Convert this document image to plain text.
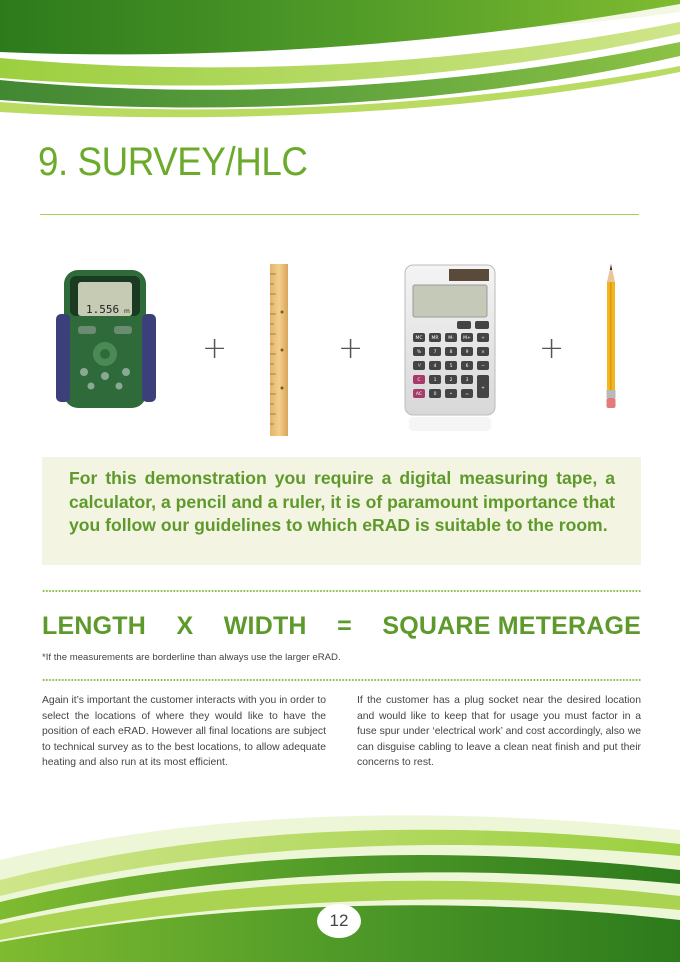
9. SURVEY/HLC
1.556 m
+	+	MC MR M- M+ ÷
%	7	8	9	×
⅟	4	5	6	−
C	1	2	3
+
AC	0	•	=
+

For this demonstration you require a digital measuring tape, a calculator, a pencil and a ruler, it is of paramount importance that you follow our guidelines to which eRAD is suitable to the room.

LENGTH X WIDTH = SQUARE METERAGE
*If the measurements are borderline than always use the larger eRAD.

Again it’s important the customer interacts with you in order to select the locations of where they would like to have the position of each eRAD. However all final locations are subject to technical survey as to the best locations, to allow adequate heating and also run at its most efficient.

If the customer has a plug socket near the desired location and would like to keep that for usage you must factor in a fuse spur under ‘electrical work’ and cost accordingly, also we can disguise cabling to leave a clean neat finish and put their concerns to rest.

12
